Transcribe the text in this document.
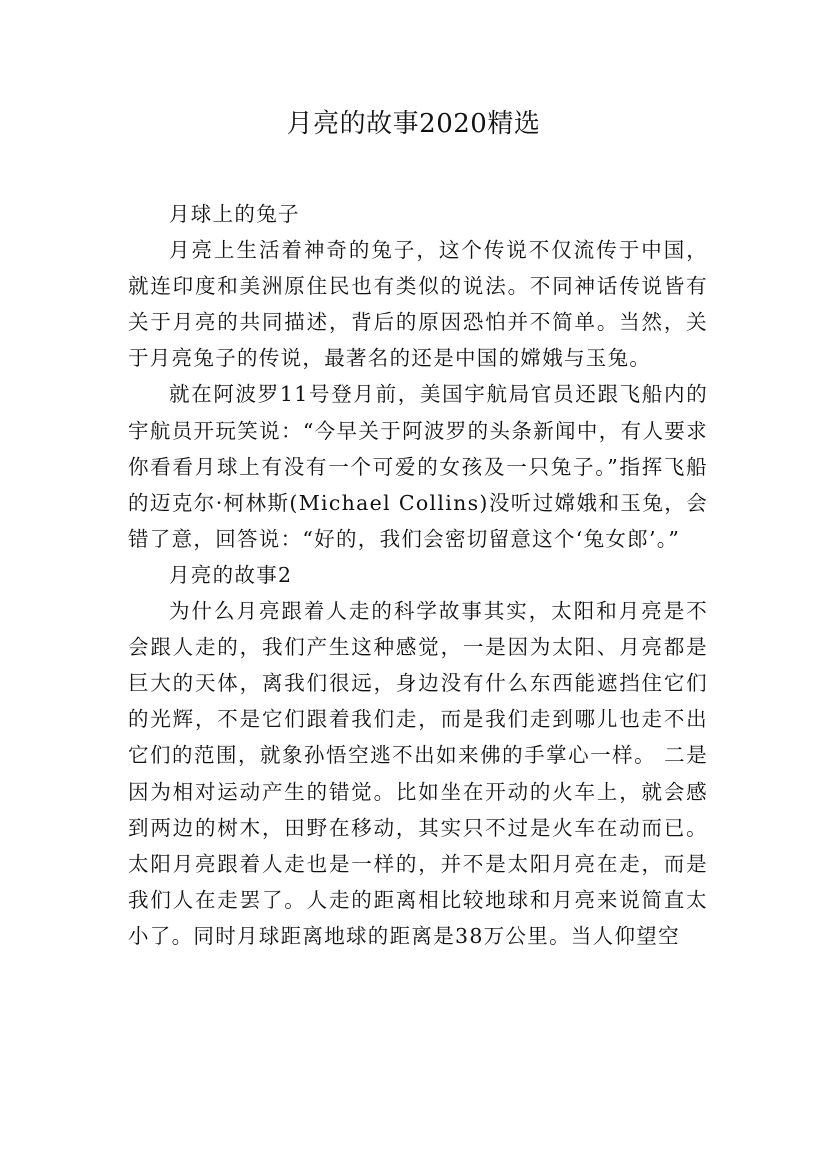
月亮的故事2020精选

月球上的兔子

月亮上生活着神奇的兔子，这个传说不仅流传于中国，就连印度和美洲原住民也有类似的说法。不同神话传说皆有关于月亮的共同描述，背后的原因恐怕并不简单。当然，关于月亮兔子的传说，最著名的还是中国的嫦娥与玉兔。

就在阿波罗11号登月前，美国宇航局官员还跟飞船内的宇航员开玩笑说：“今早关于阿波罗的头条新闻中，有人要求你看看月球上有没有一个可爱的女孩及一只兔子。”指挥飞船的迈克尔·柯林斯(Michael Collins)没听过嫦娥和玉兔，会错了意，回答说：“好的，我们会密切留意这个‘兔女郎’。”

月亮的故事2

为什么月亮跟着人走的科学故事其实，太阳和月亮是不会跟人走的，我们产生这种感觉，一是因为太阳、月亮都是巨大的天体，离我们很远，身边没有什么东西能遮挡住它们的光辉，不是它们跟着我们走，而是我们走到哪儿也走不出它们的范围，就象孙悟空逃不出如来佛的手掌心一样。 二是因为相对运动产生的错觉。比如坐在开动的火车上，就会感到两边的树木，田野在移动，其实只不过是火车在动而已。太阳月亮跟着人走也是一样的，并不是太阳月亮在走，而是我们人在走罢了。人走的距离相比较地球和月亮来说简直太小了。同时月球距离地球的距离是38万公里。当人仰望空
